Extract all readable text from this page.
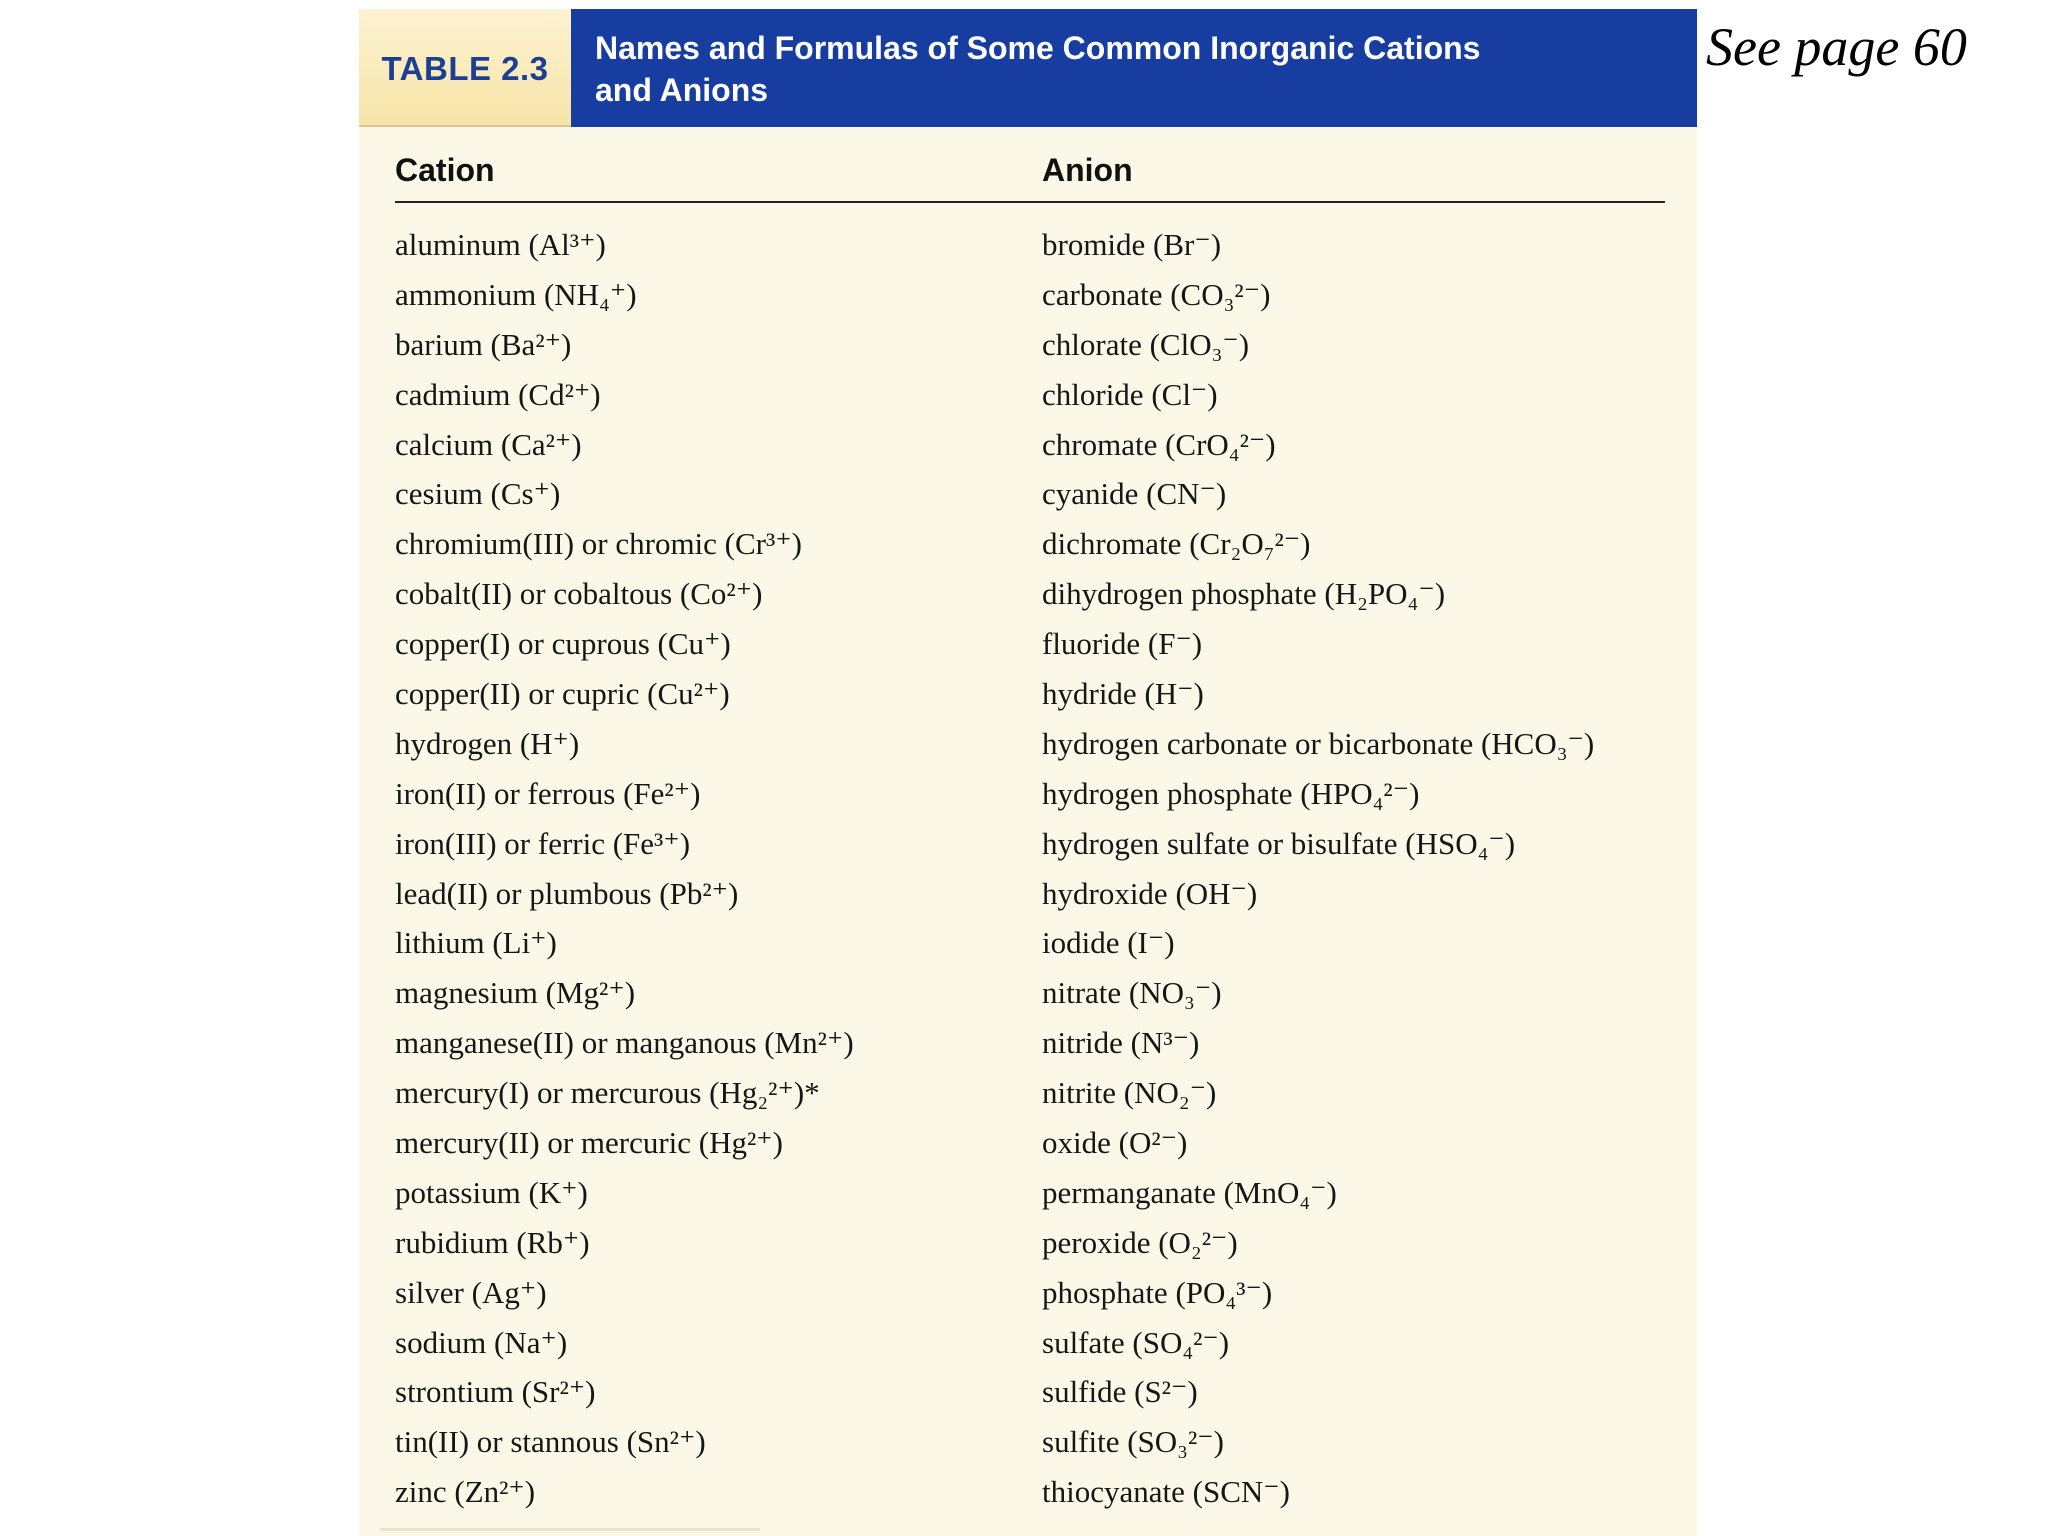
TABLE 2.3
Names and Formulas of Some Common Inorganic Cations
and Anions
See page 60
Cation	Anion
aluminum (Al³⁺)
ammonium (NH₄⁺)
barium (Ba²⁺)
cadmium (Cd²⁺)
calcium (Ca²⁺)
cesium (Cs⁺)
chromium(III) or chromic (Cr³⁺)
cobalt(II) or cobaltous (Co²⁺)
copper(I) or cuprous (Cu⁺)
copper(II) or cupric (Cu²⁺)
hydrogen (H⁺)
iron(II) or ferrous (Fe²⁺)
iron(III) or ferric (Fe³⁺)
lead(II) or plumbous (Pb²⁺)
lithium (Li⁺)
magnesium (Mg²⁺)
manganese(II) or manganous (Mn²⁺)
mercury(I) or mercurous (Hg₂²⁺)*
mercury(II) or mercuric (Hg²⁺)
potassium (K⁺)
rubidium (Rb⁺)
silver (Ag⁺)
sodium (Na⁺)
strontium (Sr²⁺)
tin(II) or stannous (Sn²⁺)
zinc (Zn²⁺)
bromide (Br⁻)
carbonate (CO₃²⁻)
chlorate (ClO₃⁻)
chloride (Cl⁻)
chromate (CrO₄²⁻)
cyanide (CN⁻)
dichromate (Cr₂O₇²⁻)
dihydrogen phosphate (H₂PO₄⁻)
fluoride (F⁻)
hydride (H⁻)
hydrogen carbonate or bicarbonate (HCO₃⁻)
hydrogen phosphate (HPO₄²⁻)
hydrogen sulfate or bisulfate (HSO₄⁻)
hydroxide (OH⁻)
iodide (I⁻)
nitrate (NO₃⁻)
nitride (N³⁻)
nitrite (NO₂⁻)
oxide (O²⁻)
permanganate (MnO₄⁻)
peroxide (O₂²⁻)
phosphate (PO₄³⁻)
sulfate (SO₄²⁻)
sulfide (S²⁻)
sulfite (SO₃²⁻)
thiocyanate (SCN⁻)
